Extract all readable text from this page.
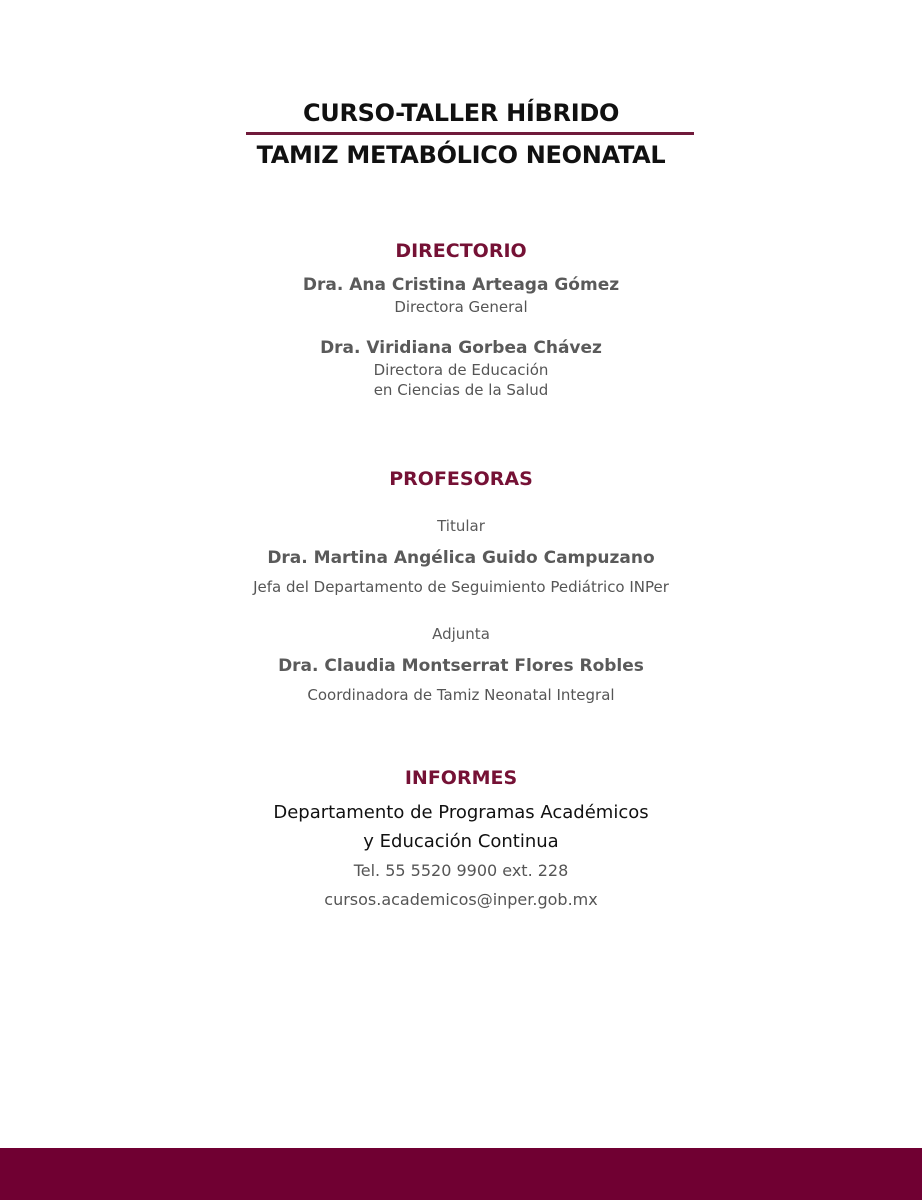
CURSO-TALLER HÍBRIDO
TAMIZ METABÓLICO NEONATAL
DIRECTORIO
Dra. Ana Cristina Arteaga Gómez
Directora General
Dra. Viridiana Gorbea Chávez
Directora de Educación
en Ciencias de la Salud
PROFESORAS
Titular
Dra. Martina Angélica Guido Campuzano
Jefa del Departamento de Seguimiento Pediátrico INPer
Adjunta
Dra. Claudia Montserrat Flores Robles
Coordinadora de Tamiz Neonatal Integral
INFORMES
Departamento de Programas Académicos
y Educación Continua
Tel. 55 5520 9900 ext. 228
cursos.academicos@inper.gob.mx
